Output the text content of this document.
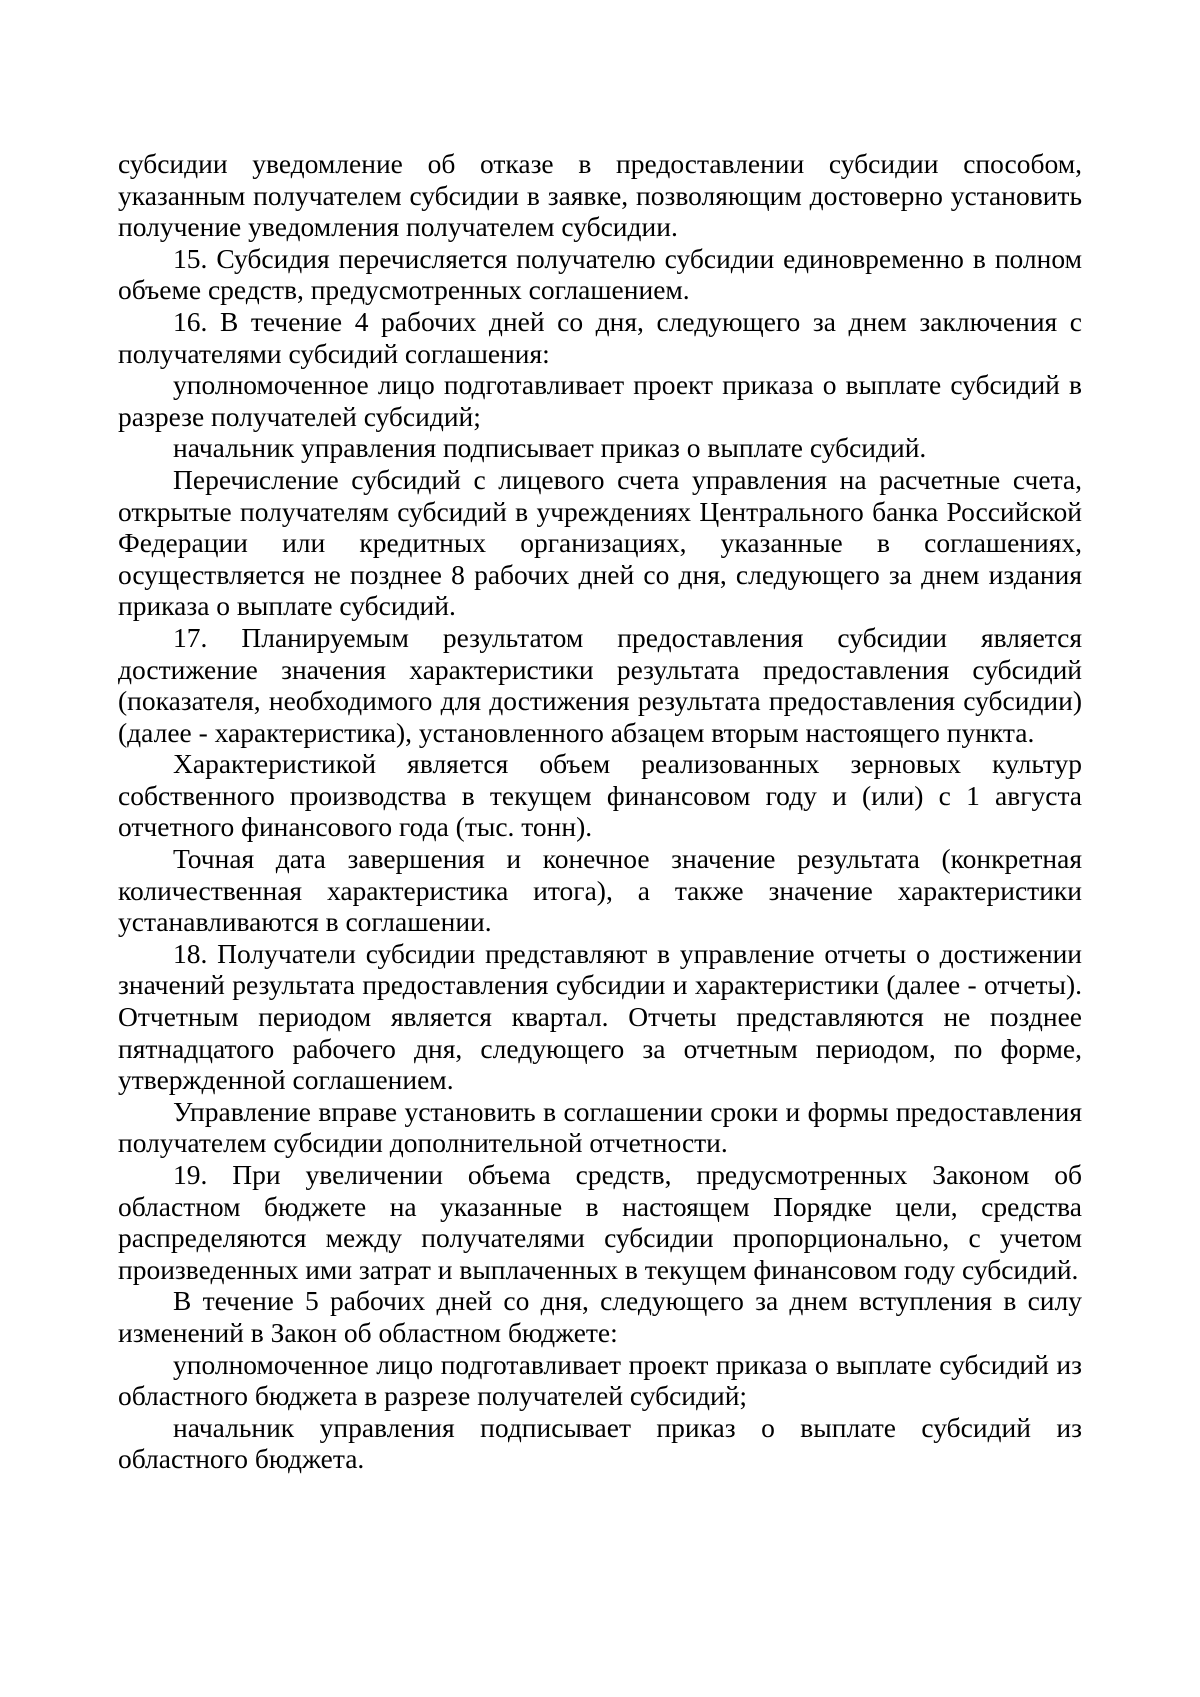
субсидии уведомление об отказе в предоставлении субсидии способом, указанным получателем субсидии в заявке, позволяющим достоверно установить получение уведомления получателем субсидии.

15. Субсидия перечисляется получателю субсидии единовременно в полном объеме средств, предусмотренных соглашением.

16. В течение 4 рабочих дней со дня, следующего за днем заключения с получателями субсидий соглашения:

уполномоченное лицо подготавливает проект приказа о выплате субсидий в разрезе получателей субсидий;

начальник управления подписывает приказ о выплате субсидий.

Перечисление субсидий с лицевого счета управления на расчетные счета, открытые получателям субсидий в учреждениях Центрального банка Российской Федерации или кредитных организациях, указанные в соглашениях, осуществляется не позднее 8 рабочих дней со дня, следующего за днем издания приказа о выплате субсидий.

17. Планируемым результатом предоставления субсидии является достижение значения характеристики результата предоставления субсидий (показателя, необходимого для достижения результата предоставления субсидии) (далее - характеристика), установленного абзацем вторым настоящего пункта.

Характеристикой является объем реализованных зерновых культур собственного производства в текущем финансовом году и (или) с 1 августа отчетного финансового года (тыс. тонн).

Точная дата завершения и конечное значение результата (конкретная количественная характеристика итога), а также значение характеристики устанавливаются в соглашении.

18. Получатели субсидии представляют в управление отчеты о достижении значений результата предоставления субсидии и характеристики (далее - отчеты). Отчетным периодом является квартал. Отчеты представляются не позднее пятнадцатого рабочего дня, следующего за отчетным периодом, по форме, утвержденной соглашением.

Управление вправе установить в соглашении сроки и формы предоставления получателем субсидии дополнительной отчетности.

19. При увеличении объема средств, предусмотренных Законом об областном бюджете на указанные в настоящем Порядке цели, средства распределяются между получателями субсидии пропорционально, с учетом произведенных ими затрат и выплаченных в текущем финансовом году субсидий.

В течение 5 рабочих дней со дня, следующего за днем вступления в силу изменений в Закон об областном бюджете:

уполномоченное лицо подготавливает проект приказа о выплате субсидий из областного бюджета в разрезе получателей субсидий;

начальник управления подписывает приказ о выплате субсидий из областного бюджета.
